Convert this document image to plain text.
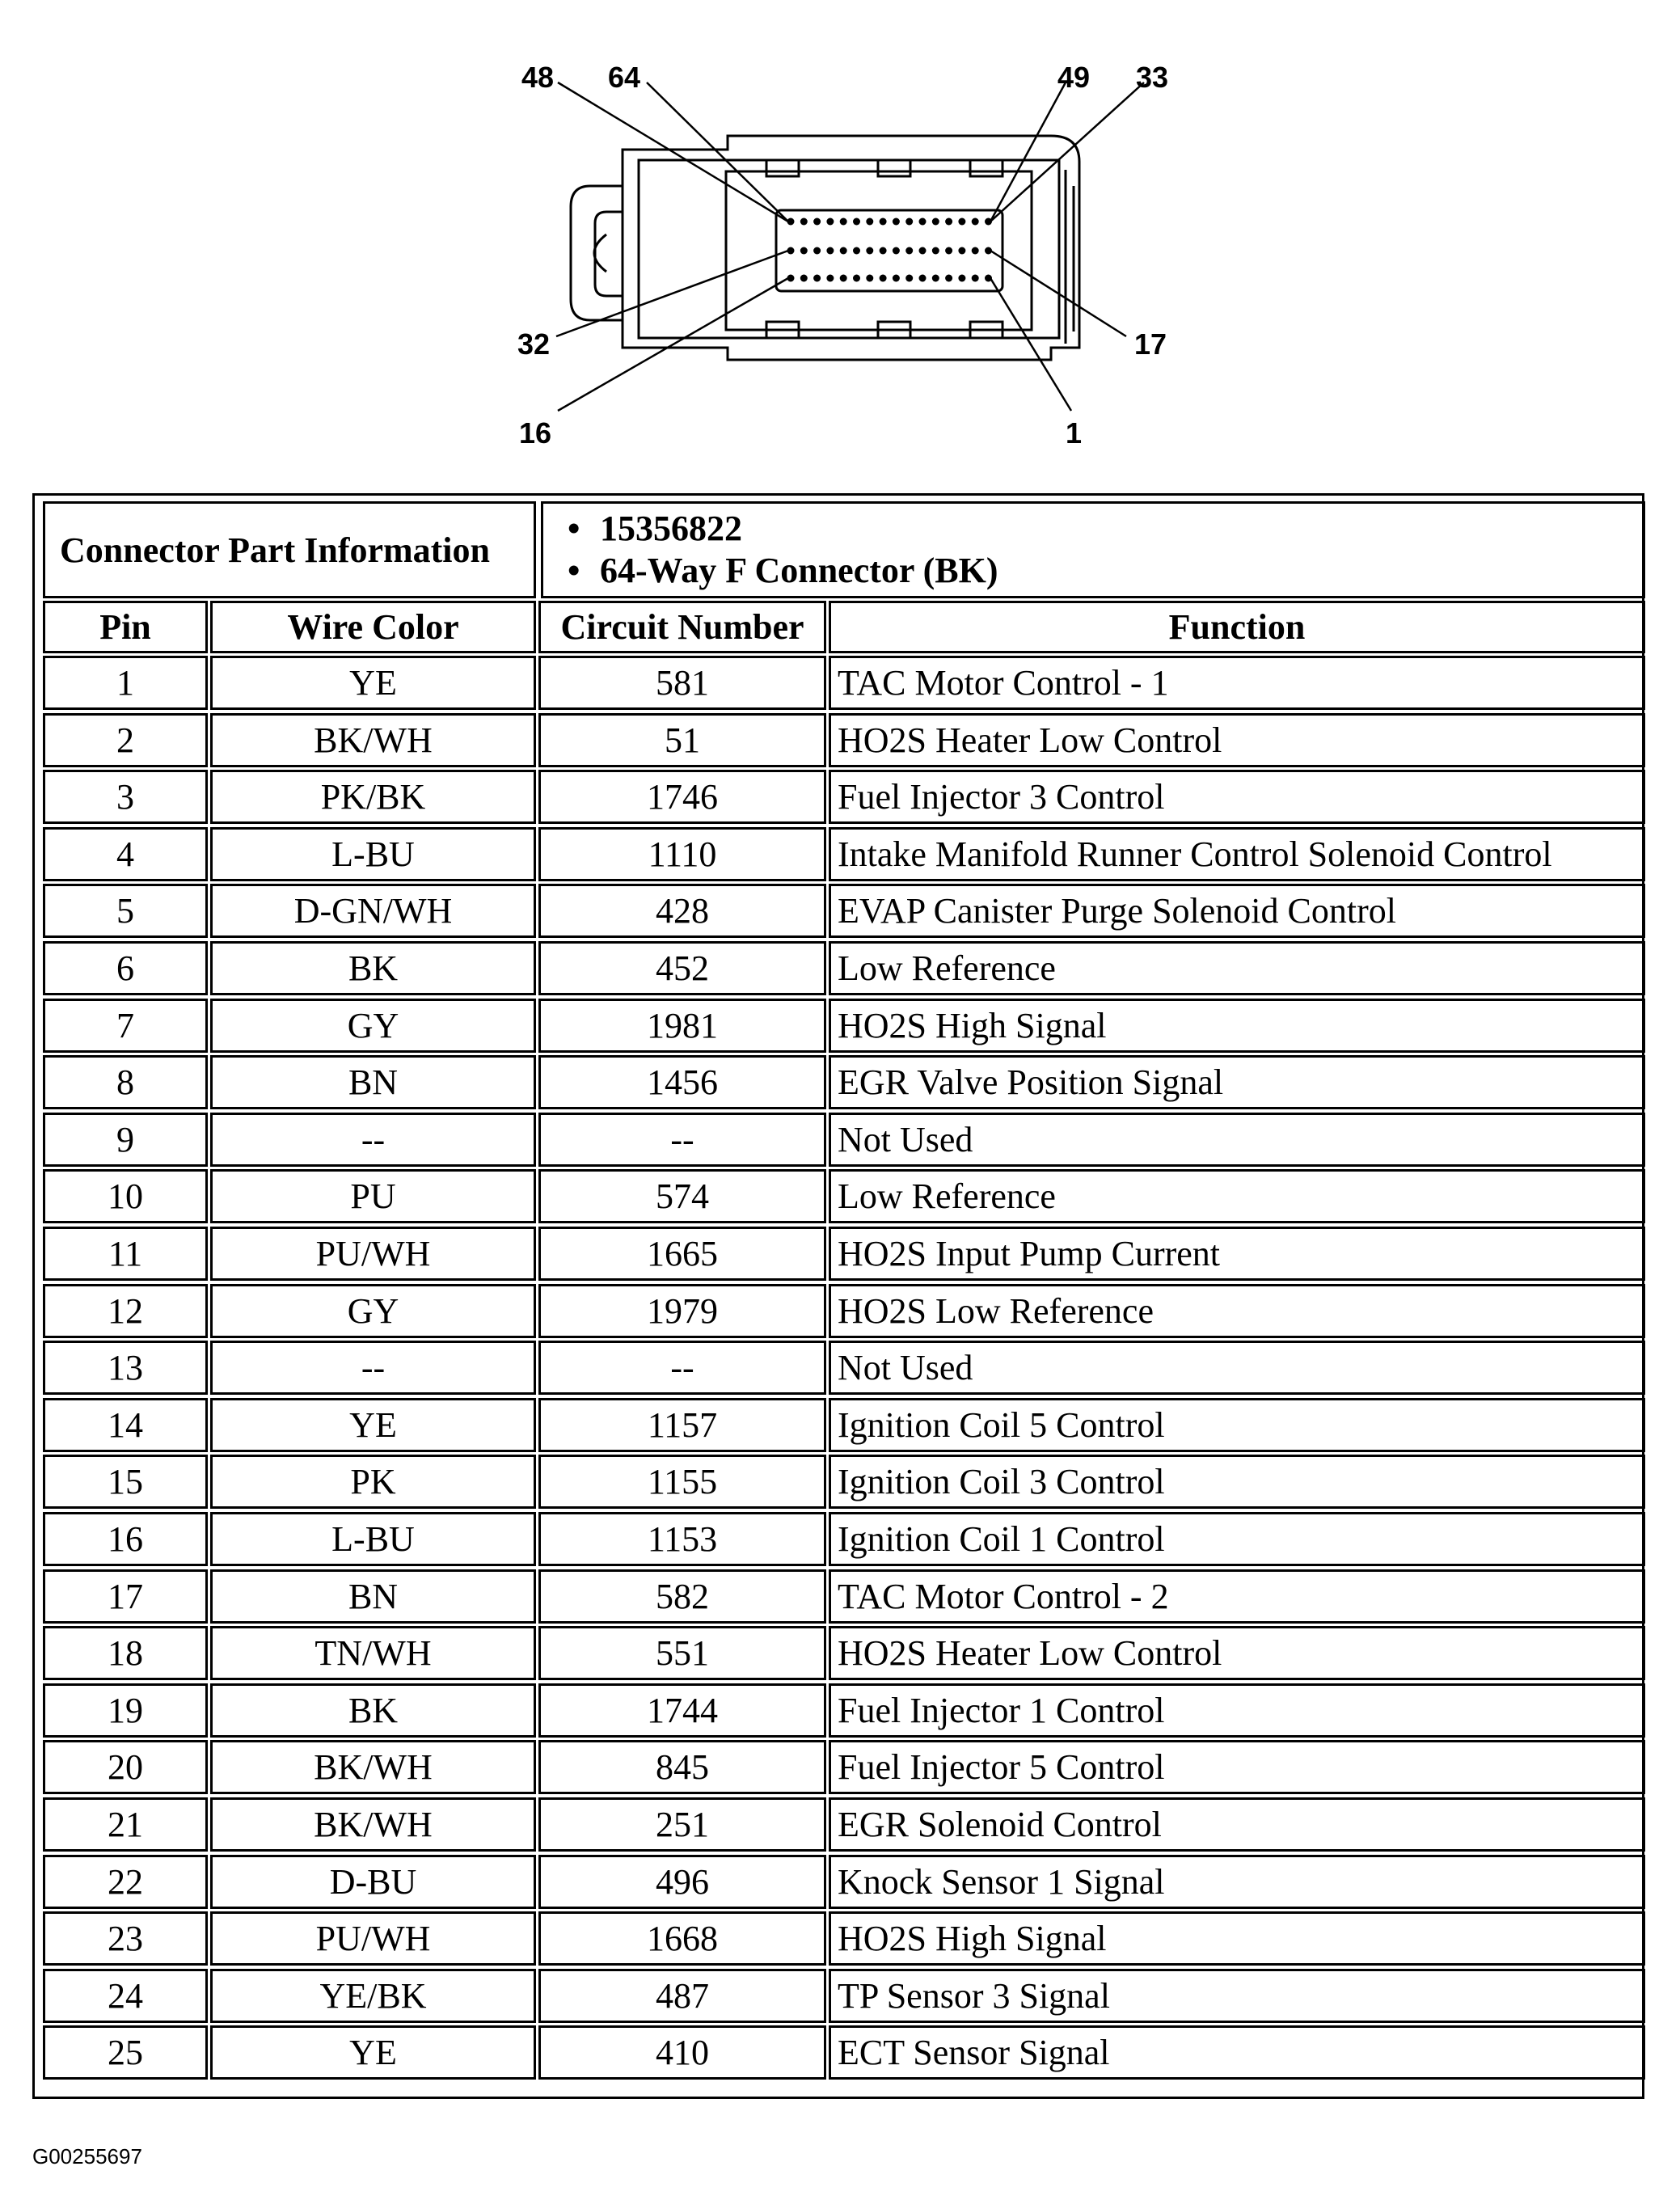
48 64	49 33
32	17
16	1
Connector Part Information
• 15356822
• 64-Way F Connector (BK)
Pin	Wire Color	Circuit Number	Function
1	YE	581	TAC Motor Control - 1
2	BK/WH	51	HO2S Heater Low Control
3	PK/BK	1746	Fuel Injector 3 Control
4	L-BU	1110	Intake Manifold Runner Control Solenoid Control
5	D-GN/WH	428	EVAP Canister Purge Solenoid Control
6	BK	452	Low Reference
7	GY	1981	HO2S High Signal
8	BN	1456	EGR Valve Position Signal
9	--	--	Not Used
10	PU	574	Low Reference
11	PU/WH	1665	HO2S Input Pump Current
12	GY	1979	HO2S Low Reference
13	--	--	Not Used
14	YE	1157	Ignition Coil 5 Control
15	PK	1155	Ignition Coil 3 Control
16	L-BU	1153	Ignition Coil 1 Control
17	BN	582	TAC Motor Control - 2
18	TN/WH	551	HO2S Heater Low Control
19	BK	1744	Fuel Injector 1 Control
20	BK/WH	845	Fuel Injector 5 Control
21	BK/WH	251	EGR Solenoid Control
22	D-BU	496	Knock Sensor 1 Signal
23	PU/WH	1668	HO2S High Signal
24	YE/BK	487	TP Sensor 3 Signal
25	YE	410	ECT Sensor Signal
G00255697
